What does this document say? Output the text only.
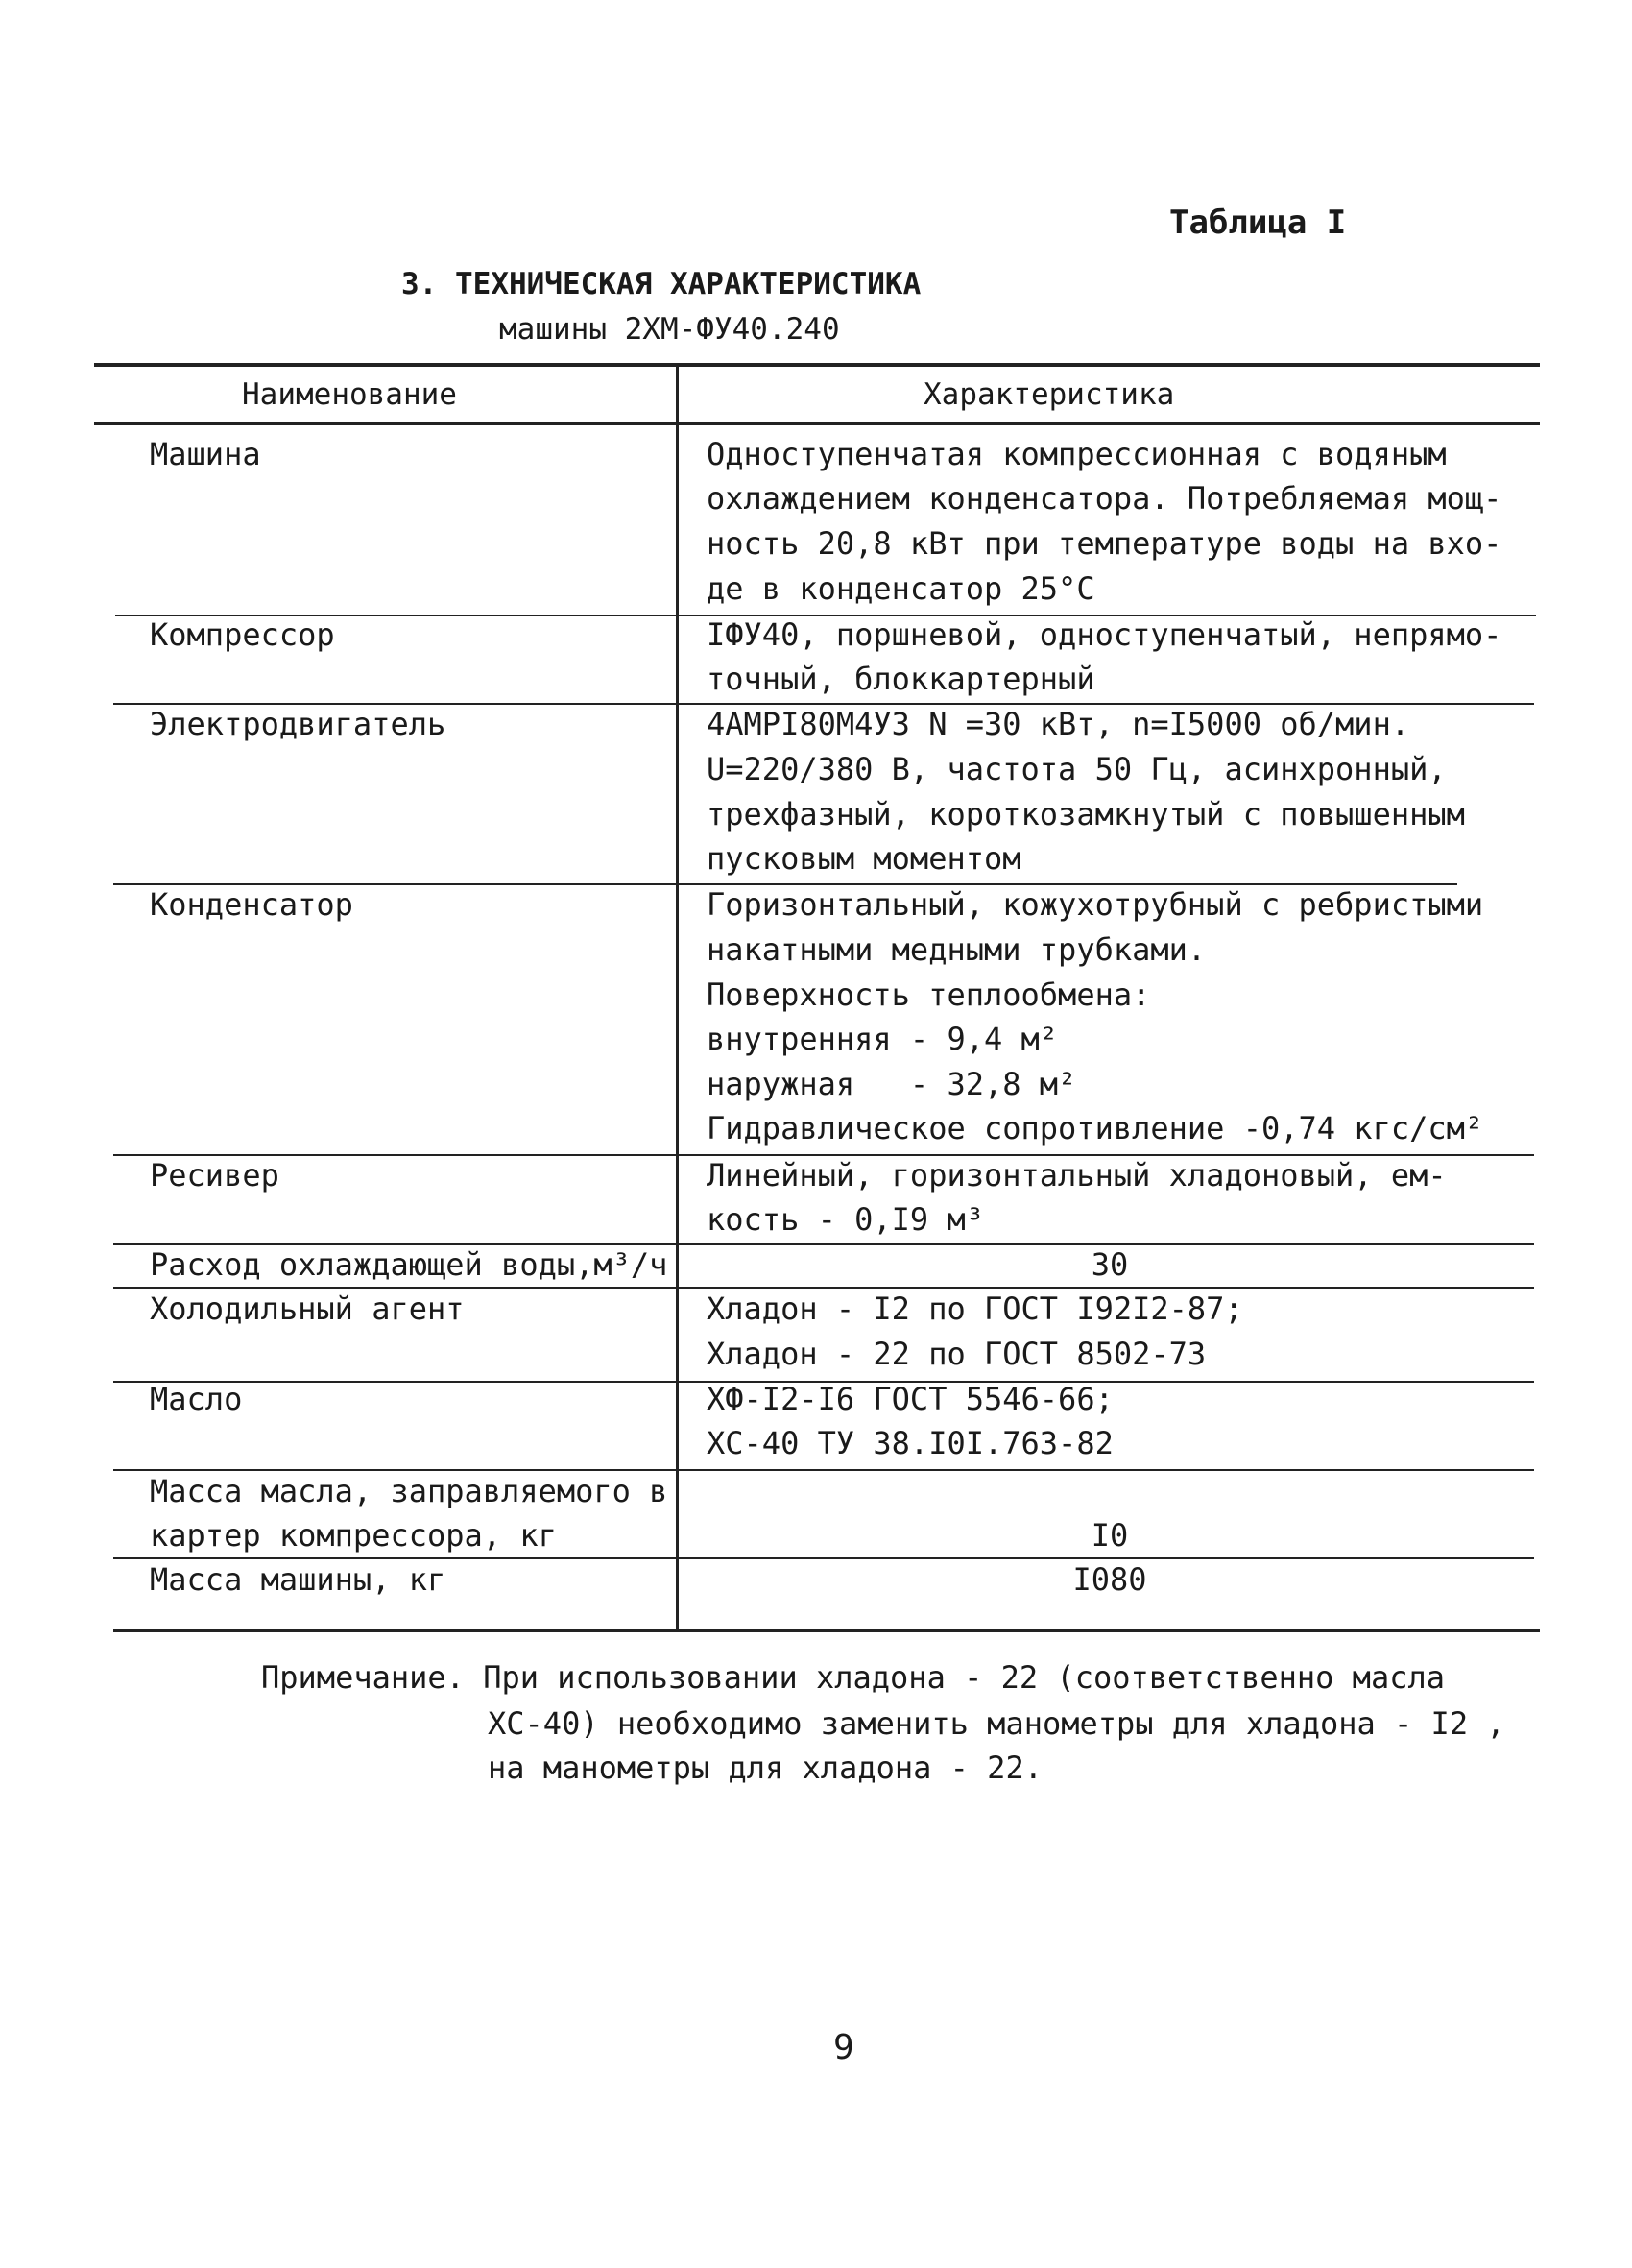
Таблица I
3. ТЕХНИЧЕСКАЯ ХАРАКТЕРИСТИКА
машины 2ХМ-ФУ40.240
Наименование	Характеристика
Машина	Одноступенчатая компрессионная с водяным
охлаждением конденсатора. Потребляемая мощ-
ность 20,8 кВт при температуре воды на вхо-
де в конденсатор 25°C
Компрессор	IФУ40, поршневой, одноступенчатый, непрямо-
точный, блоккартерный
Электродвигатель	4АМРI80М4У3 N =30 кВт, n=I5000 об/мин.
U=220/380 В, частота 50 Гц, асинхронный,
трехфазный, короткозамкнутый с повышенным
пусковым моментом
Конденсатор	Горизонтальный, кожухотрубный с ребристыми
накатными медными трубками.
Поверхность теплообмена:
внутренняя - 9,4 м²
наружная   - 32,8 м²
Гидравлическое сопротивление -0,74 кгс/см²
Ресивер	Линейный, горизонтальный хладоновый, ем-
кость - 0,I9 м³
Расход охлаждающей воды,м³/ч	30
Холодильный агент	Хладон - I2 по ГОСТ I92I2-87;
Хладон - 22 по ГОСТ 8502-73
Масло	ХФ-I2-I6 ГОСТ 5546-66;
ХС-40 ТУ 38.I0I.763-82
Масса масла, заправляемого в
картер компрессора, кг	I0
Масса машины, кг	I080
Примечание. При использовании хладона - 22 (соответственно масла
ХС-40) необходимо заменить манометры для хладона - I2 ,
на манометры для хладона - 22.
9
